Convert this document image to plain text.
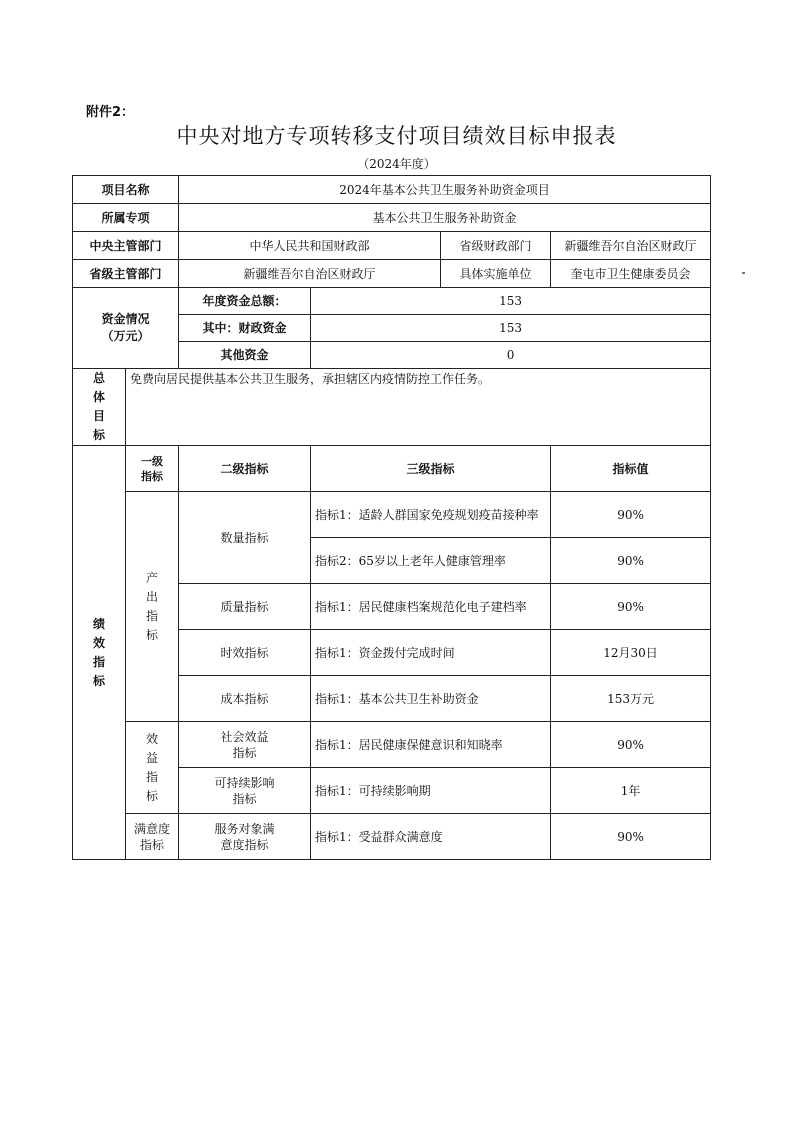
附件2：
中央对地方专项转移支付项目绩效目标申报表
（2024年度）
项目名称		2024年基本公共卫生服务补助资金项目			
所属专项		基本公共卫生服务补助资金			
中央主管部门		中华人民共和国财政部		省级财政部门	新疆维吾尔自治区财政厅
省级主管部门		新疆维吾尔自治区财政厅		具体实施单位	奎屯市卫生健康委员会
资金情况（万元）		年度资金总额：	153		
		其中：财政资金	153		
		其他资金	0		
总体目标	免费向居民提供基本公共卫生服务，承担辖区内疫情防控工作任务。				
绩效指标	一级指标	二级指标	三级指标		指标值
	产出指标	数量指标	指标1：适龄人群国家免疫规划疫苗接种率		90%
			指标2：65岁以上老年人健康管理率		90%
		质量指标	指标1：居民健康档案规范化电子建档率		90%
		时效指标	指标1：资金拨付完成时间		12月30日
		成本指标	指标1：基本公共卫生补助资金		153万元
	效益指标	社会效益指标	指标1：居民健康保健意识和知晓率		90%
		可持续影响指标	指标1：可持续影响期		1年
	满意度指标	服务对象满意度指标	指标1：受益群众满意度		90%
